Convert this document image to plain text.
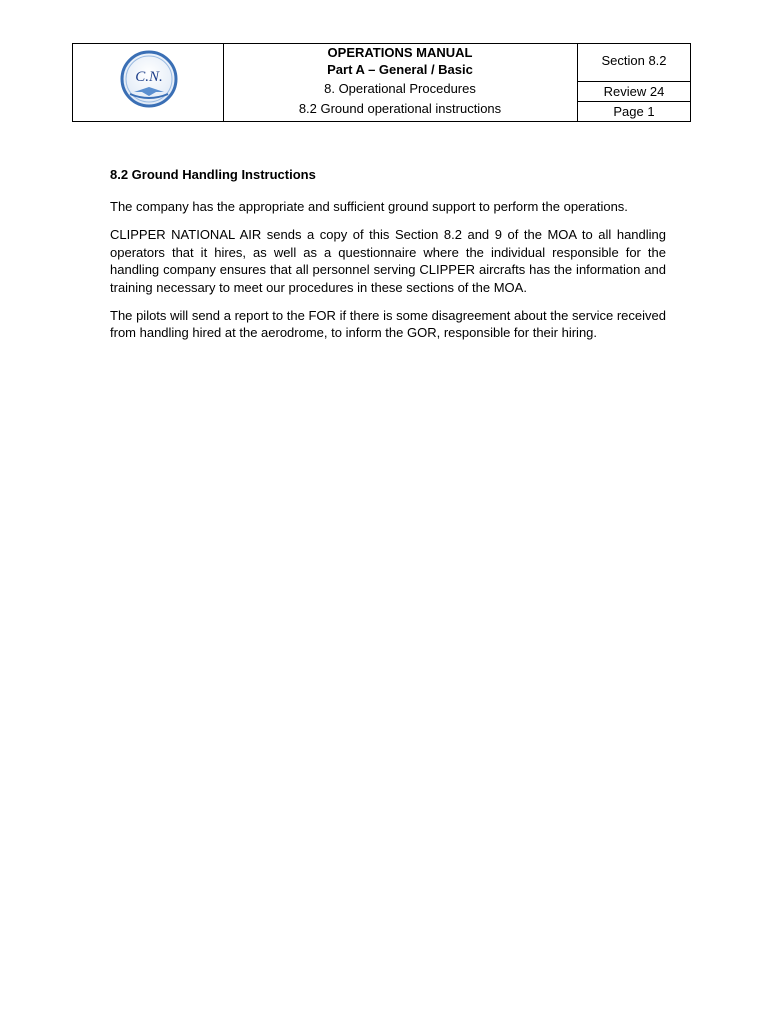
C.N.
OPERATIONS MANUAL
Part A – General / Basic
8. Operational Procedures
8.2 Ground operational instructions
Section 8.2
Review 24
Page 1
8.2 Ground Handling Instructions

The company has the appropriate and sufficient ground support to perform the operations.

CLIPPER NATIONAL AIR sends a copy of this Section 8.2 and 9 of the MOA to all handling operators that it hires, as well as a questionnaire where the individual responsible for the handling company ensures that all personnel serving CLIPPER aircrafts has the information and training necessary to meet our procedures in these sections of the MOA.

The pilots will send a report to the FOR if there is some disagreement about the service received from handling hired at the aerodrome, to inform the GOR, responsible for their hiring.
